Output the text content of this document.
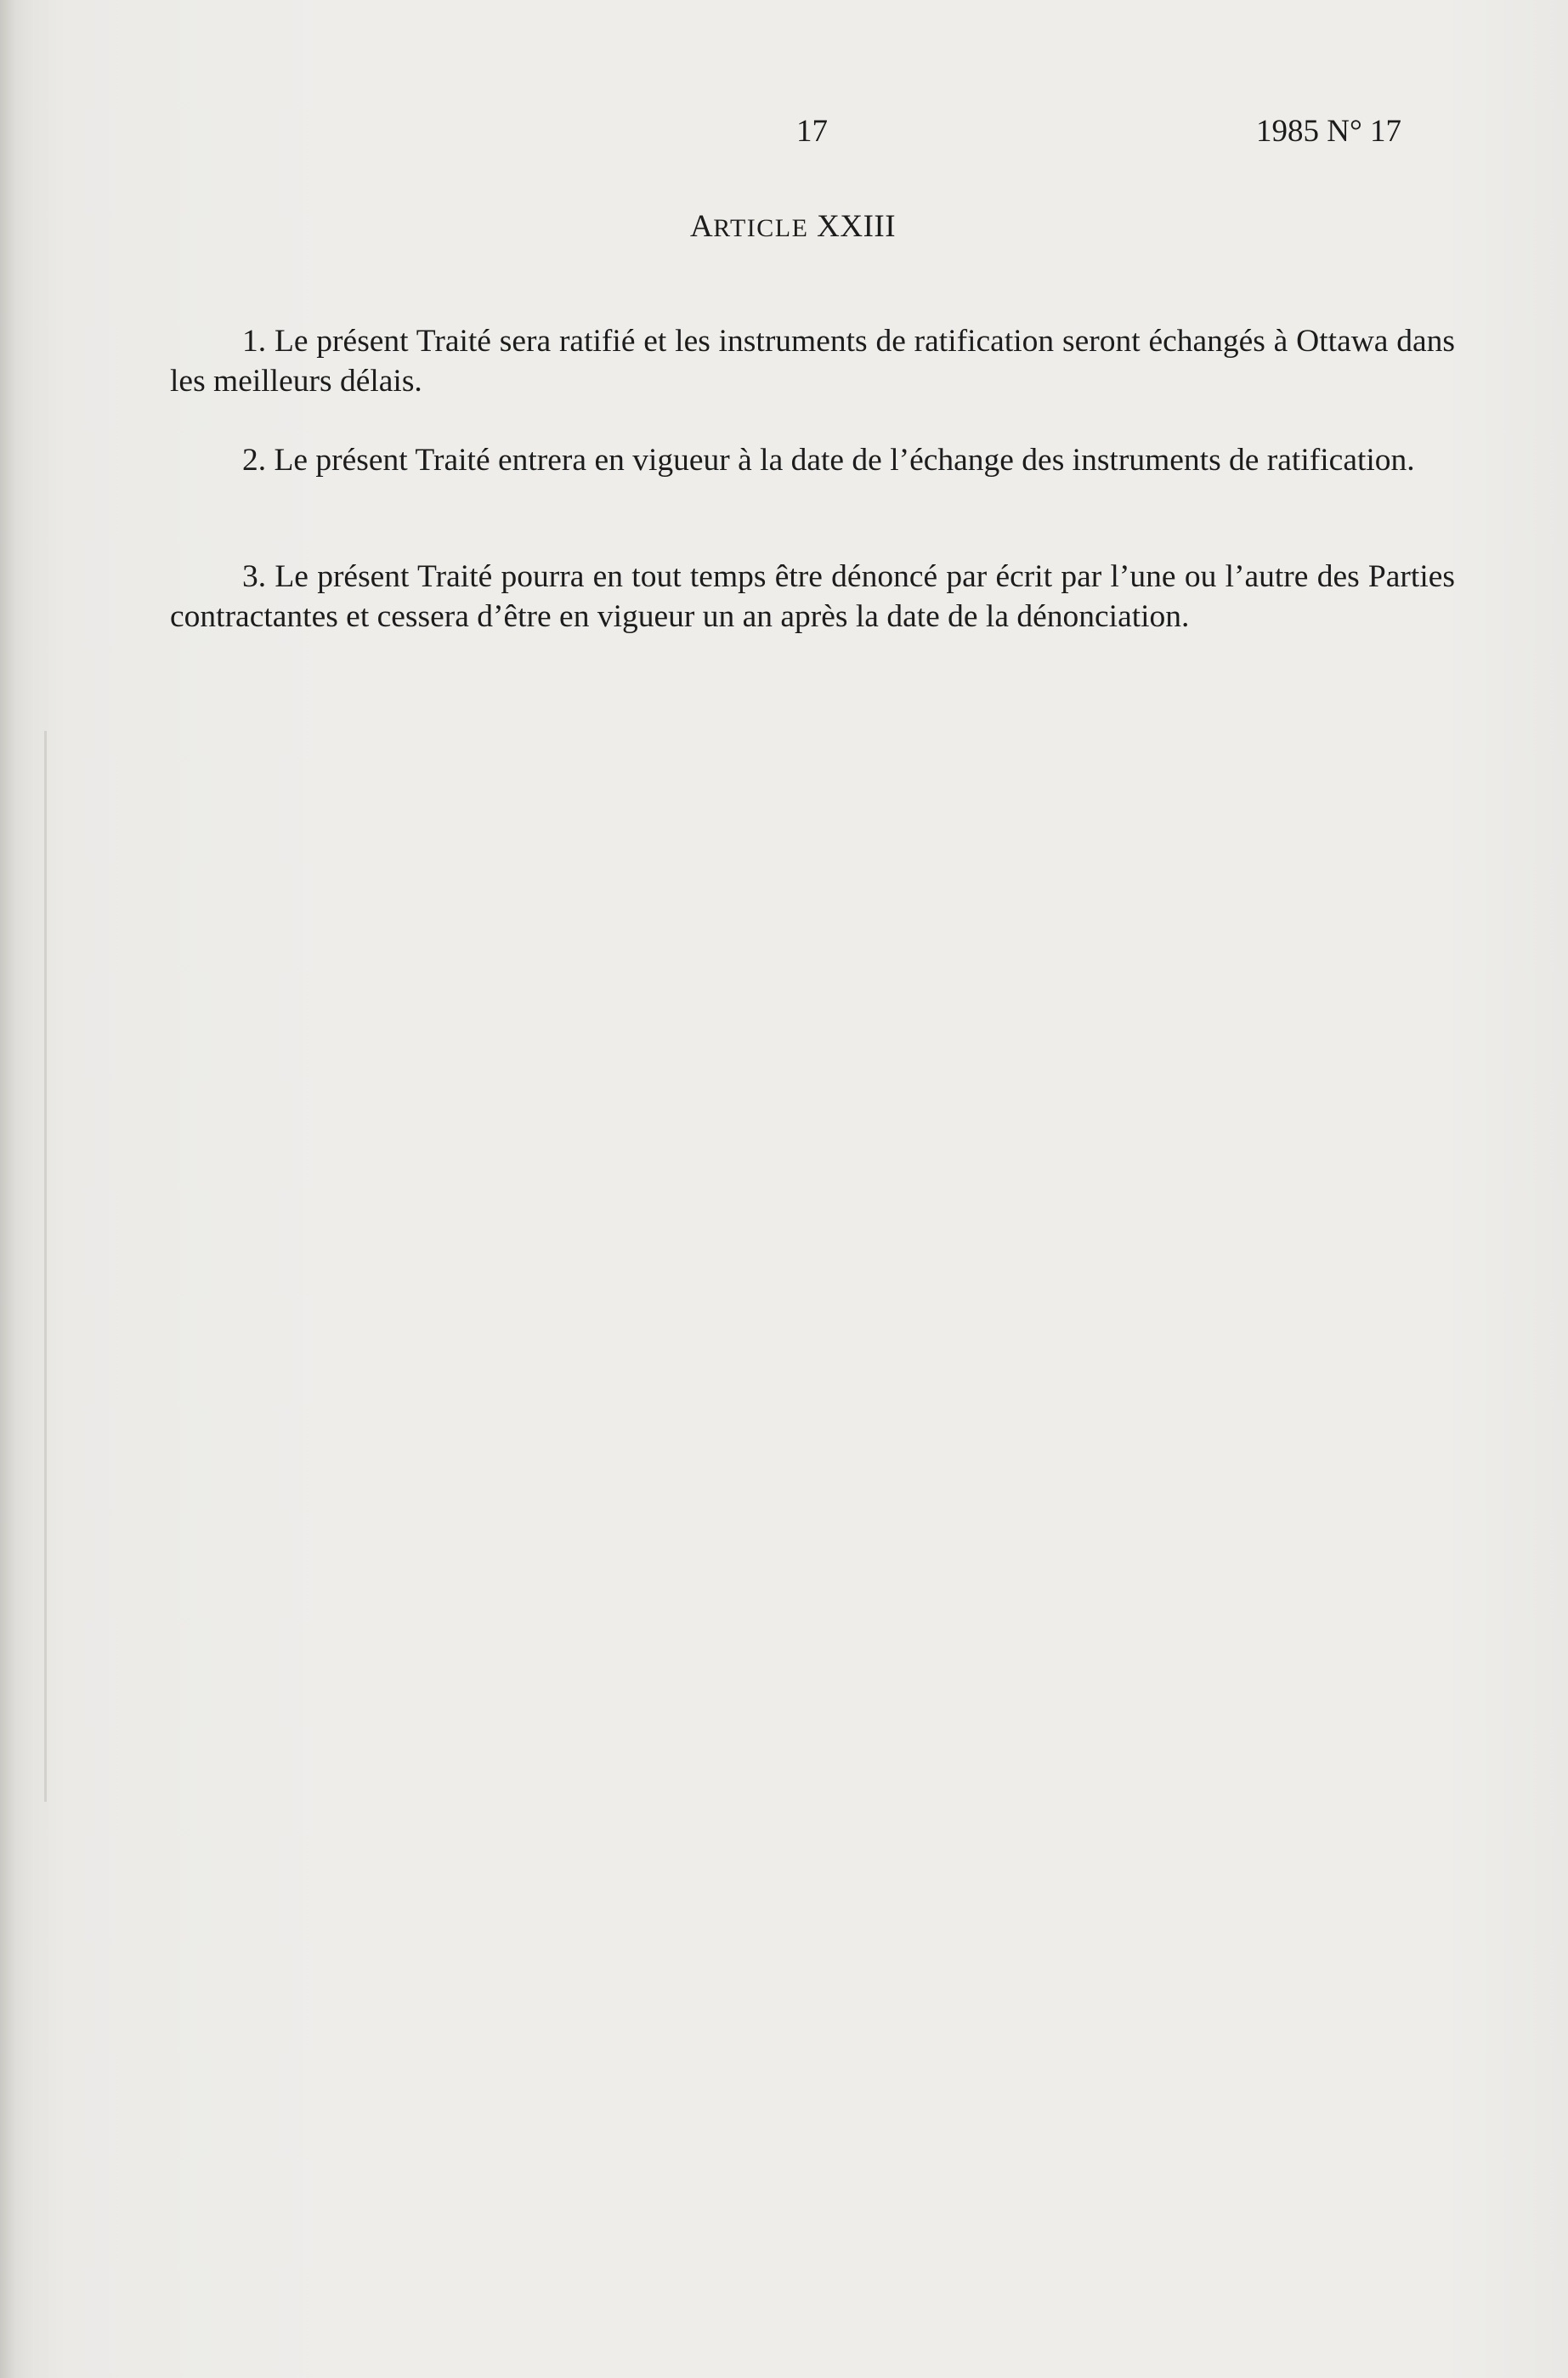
17	1985 N° 17
ARTICLE XXIII

1. Le présent Traité sera ratifié et les instruments de ratification seront échangés à Ottawa dans les meilleurs délais.

2. Le présent Traité entrera en vigueur à la date de l’échange des instruments de ratification.

3. Le présent Traité pourra en tout temps être dénoncé par écrit par l’une ou l’autre des Parties contractantes et cessera d’être en vigueur un an après la date de la dénonciation.
